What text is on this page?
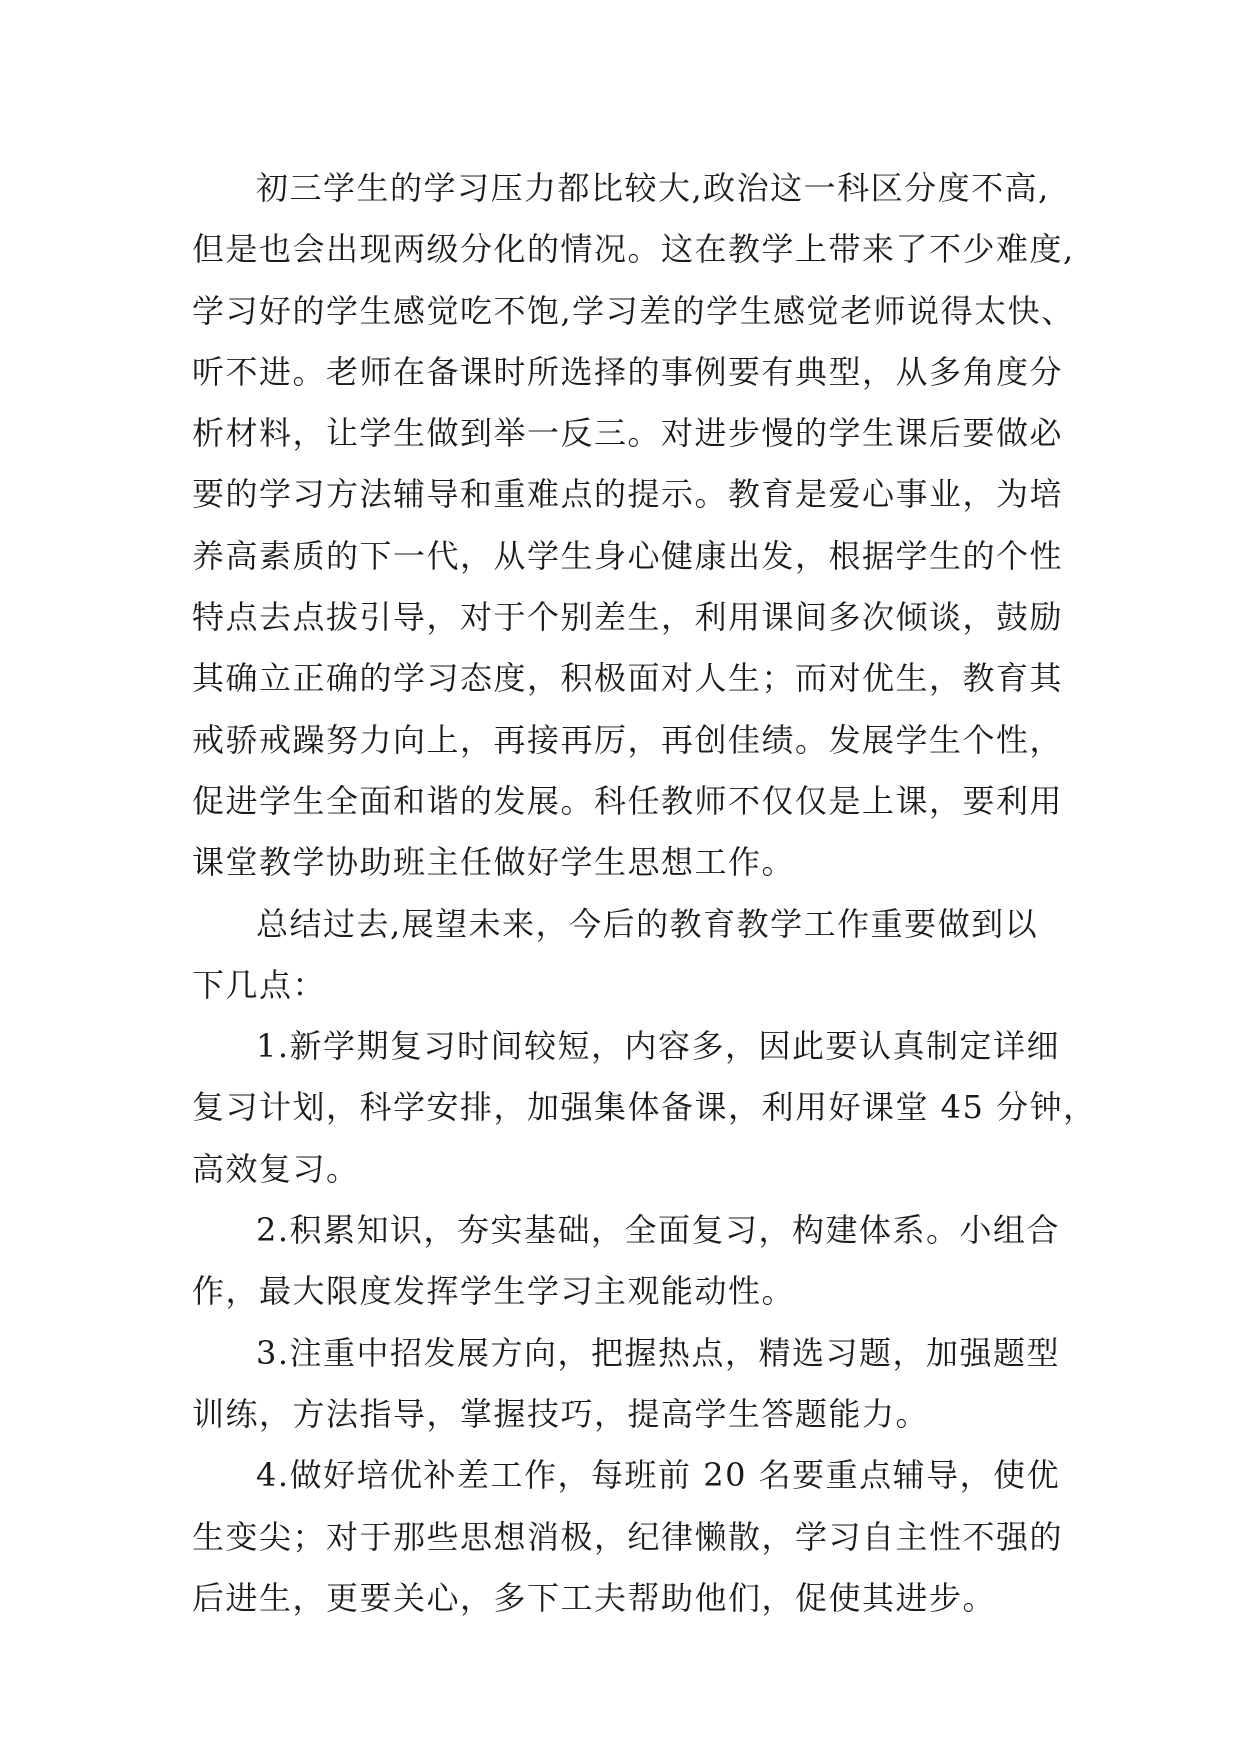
初三学生的学习压力都比较大,政治这一科区分度不高,
但是也会出现两级分化的情况。这在教学上带来了不少难度,
学习好的学生感觉吃不饱,学习差的学生感觉老师说得太快、
听不进。老师在备课时所选择的事例要有典型，从多角度分
析材料，让学生做到举一反三。对进步慢的学生课后要做必
要的学习方法辅导和重难点的提示。教育是爱心事业，为培
养高素质的下一代，从学生身心健康出发，根据学生的个性
特点去点拔引导，对于个别差生，利用课间多次倾谈，鼓励
其确立正确的学习态度，积极面对人生；而对优生，教育其
戒骄戒躁努力向上，再接再厉，再创佳绩。发展学生个性，
促进学生全面和谐的发展。科任教师不仅仅是上课，要利用
课堂教学协助班主任做好学生思想工作。
总结过去,展望未来，今后的教育教学工作重要做到以
下几点：
1.新学期复习时间较短，内容多，因此要认真制定详细
复习计划，科学安排，加强集体备课，利用好课堂 45 分钟，
高效复习。
2.积累知识，夯实基础，全面复习，构建体系。小组合
作，最大限度发挥学生学习主观能动性。
3.注重中招发展方向，把握热点，精选习题，加强题型
训练，方法指导，掌握技巧，提高学生答题能力。
4.做好培优补差工作，每班前 20 名要重点辅导，使优
生变尖；对于那些思想消极，纪律懒散，学习自主性不强的
后进生，更要关心，多下工夫帮助他们，促使其进步。
